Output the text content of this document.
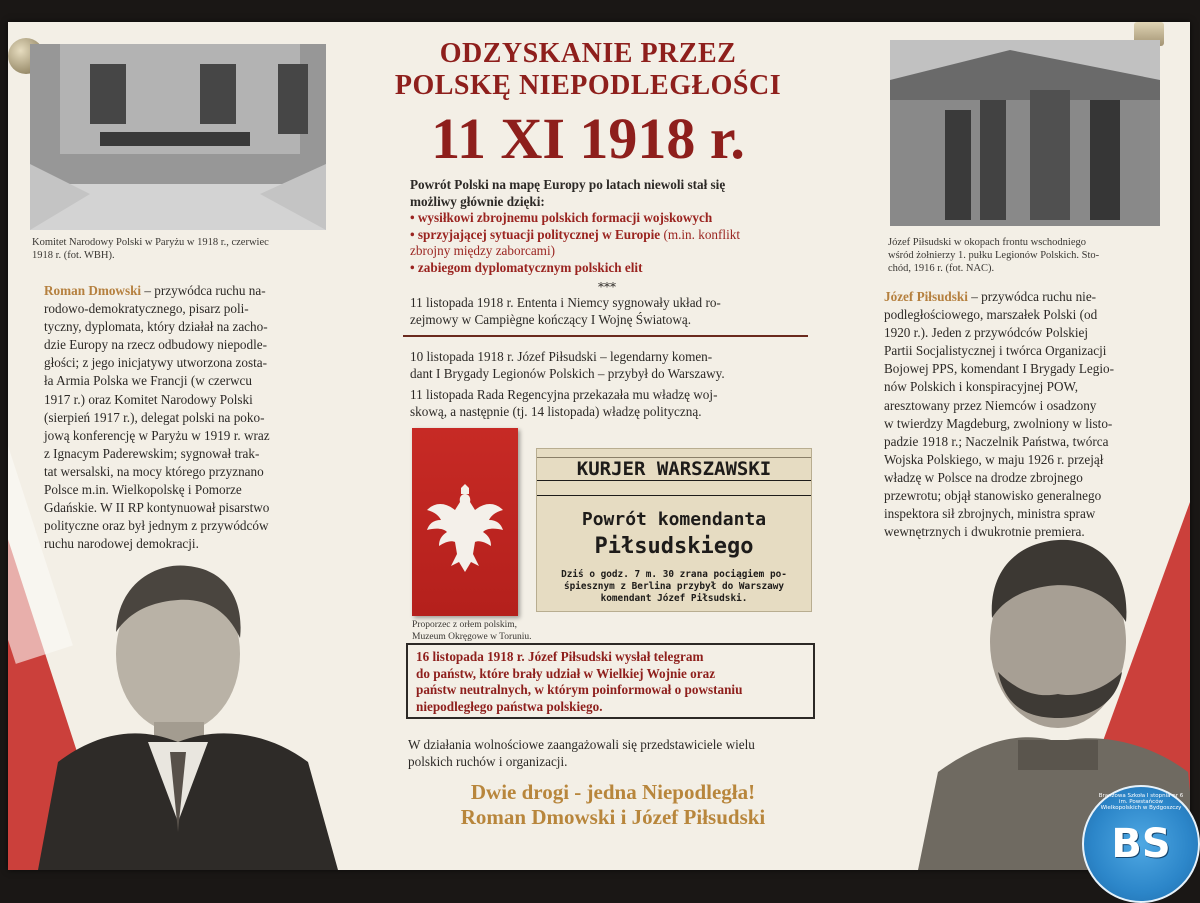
Komitet Narodowy Polski w Paryżu w 1918 r., czerwiec
1918 r. (fot. WBH).
Józef Piłsudski w okopach frontu wschodniego
wśród żołnierzy 1. pułku Legionów Polskich. Sto-
chód, 1916 r. (fot. NAC).
ODZYSKANIE PRZEZ
POLSKĘ NIEPODLEGŁOŚCI
11 XI 1918 r.
Powrót Polski na mapę Europy po latach niewoli stał się
możliwy głównie dzięki:
• wysiłkowi zbrojnemu polskich formacji wojskowych
• sprzyjającej sytuacji politycznej w Europie (m.in. konflikt
zbrojny między zaborcami)
• zabiegom dyplomatycznym polskich elit
***
11 listopada 1918 r. Ententa i Niemcy sygnowały układ ro-
zejmowy w Campiègne kończący I Wojnę Światową.
10 listopada 1918 r. Józef Piłsudski – legendarny komen-
dant I Brygady Legionów Polskich – przybył do Warszawy.
11 listopada Rada Regencyjna przekazała mu władzę woj-
skową, a następnie (tj. 14 listopada) władzę polityczną.
Proporzec z orłem polskim,
Muzeum Okręgowe w Toruniu.
KURJER WARSZAWSKI
Powrót komendanta
Piłsudskiego
Dziś o godz. 7 m. 30 zrana pociągiem po-
śpiesznym z Berlina przybył do Warszawy
komendant Józef Piłsudski.
16 listopada 1918 r. Józef Piłsudski wysłał telegram
do państw, które brały udział w Wielkiej Wojnie oraz
państw neutralnych, w którym poinformował o powstaniu
niepodległego państwa polskiego.
W działania wolnościowe zaangażowali się przedstawiciele wielu
polskich ruchów i organizacji.
Dwie drogi - jedna Niepodległa!
Roman Dmowski i Józef Piłsudski
Roman Dmowski – przywódca ruchu na-
rodowo-demokratycznego, pisarz poli-
tyczny, dyplomata, który działał na zacho-
dzie Europy na rzecz odbudowy niepodle-
głości; z jego inicjatywy utworzona zosta-
ła Armia Polska we Francji (w czerwcu
1917 r.) oraz Komitet Narodowy Polski
(sierpień 1917 r.), delegat polski na poko-
jową konferencję w Paryżu w 1919 r. wraz
z Ignacym Paderewskim; sygnował trak-
tat wersalski, na mocy którego przyznano
Polsce m.in. Wielkopolskę i Pomorze
Gdańskie. W II RP kontynuował pisarstwo
polityczne oraz był jednym z przywódców
ruchu narodowej demokracji.
Józef Piłsudski – przywódca ruchu nie-
podległościowego, marszałek Polski (od
1920 r.). Jeden z przywódców Polskiej
Partii Socjalistycznej i twórca Organizacji
Bojowej PPS, komendant I Brygady Legio-
nów Polskich i konspiracyjnej POW,
aresztowany przez Niemców i osadzony
w twierdzy Magdeburg, zwolniony w listo-
padzie 1918 r.; Naczelnik Państwa, twórca
Wojska Polskiego, w maju 1926 r. przejął
władzę w Polsce na drodze zbrojnego
przewrotu; objął stanowisko generalnego
inspektora sił zbrojnych, ministra spraw
wewnętrznych i dwukrotnie premiera.
Branżowa Szkoła I stopnia nr 6 im. Powstańców Wielkopolskich w Bydgoszczy
BS
